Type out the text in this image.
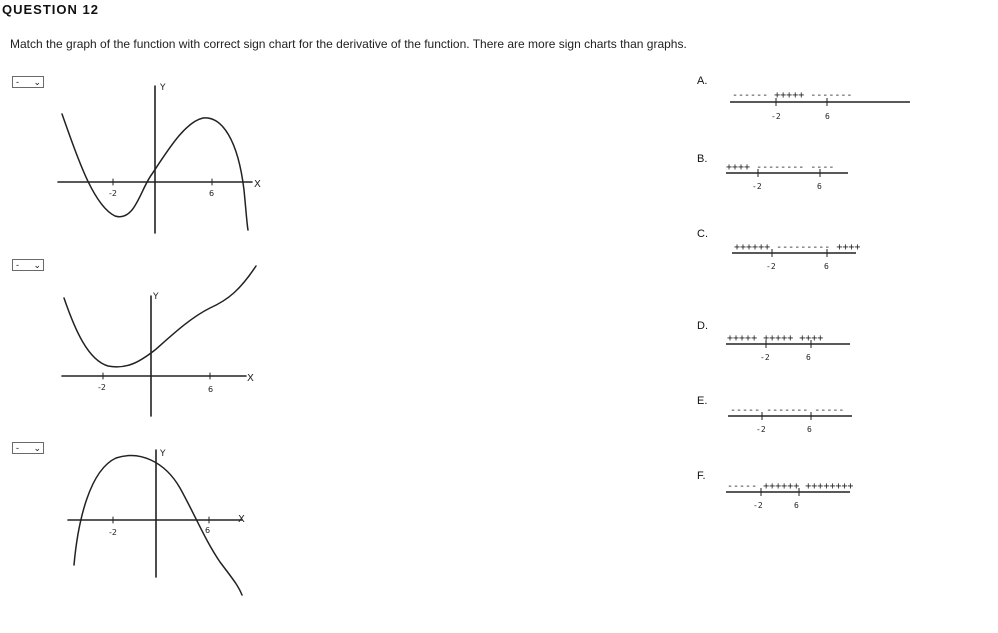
QUESTION 12
Match the graph of the function with correct sign chart for the derivative of the function. There are more sign charts than graphs.
- ⌄
- ⌄
- ⌄
-2	6
X
Y
-2	6
X
Y
-2	6
X
Y
A.
B.
C.
D.
E.
F.
------ +++++ -------
-2	6
++++ -------- ----
-2	6
++++++ --------- ++++
-2	6
+++++ +++++ ++++
-2	6
----- ------- -----
-2	6
----- ++++++ ++++++++
-2	6
